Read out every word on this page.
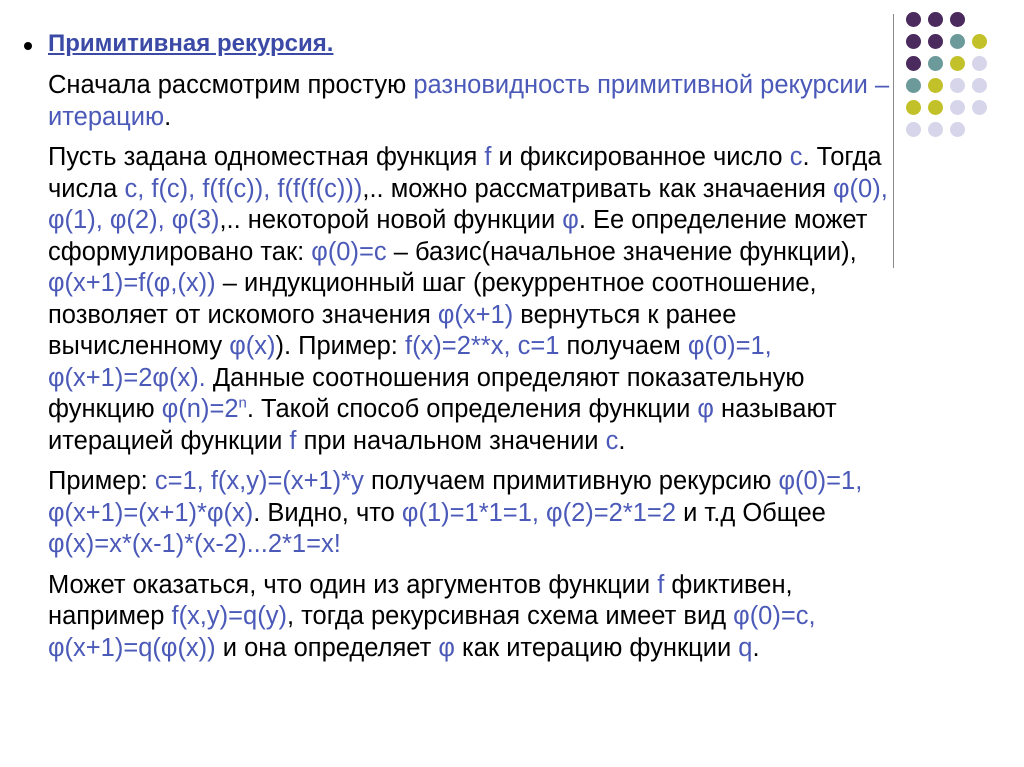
Примитивная рекурсия.

Сначала рассмотрим простую разновидность примитивной рекурсии – итерацию.

Пусть задана одноместная функция f и фиксированное число c. Тогда числа c, f(c), f(f(c)), f(f(f(c))),.. можно рассматривать как значаения φ(0), φ(1), φ(2), φ(3),.. некоторой новой функции φ. Ее определение может сформулировано так: φ(0)=c – базис(начальное значение функции), φ(x+1)=f(φ,(x)) – индукционный шаг (рекуррентное соотношение, позволяет от искомого значения φ(x+1) вернуться к ранее вычисленному φ(x)). Пример: f(x)=2**x, c=1 получаем φ(0)=1, φ(x+1)=2φ(x). Данные соотношения определяют показательную функцию $\varphi(n)=2^n$. Такой способ определения функции φ называют итерацией функции f при начальном значении c.

Пример: c=1, f(x,y)=(x+1)*y получаем примитивную рекурсию φ(0)=1, φ(x+1)=(x+1)*φ(x). Видно, что φ(1)=1*1=1, φ(2)=2*1=2 и т.д Общее φ(x)=x*(x-1)*(x-2)...2*1=x!

Может оказаться, что один из аргументов функции f фиктивен, например f(x,y)=q(y), тогда рекурсивная схема имеет вид φ(0)=c, φ(x+1)=q(φ(x)) и она определяет φ как итерацию функции q.
